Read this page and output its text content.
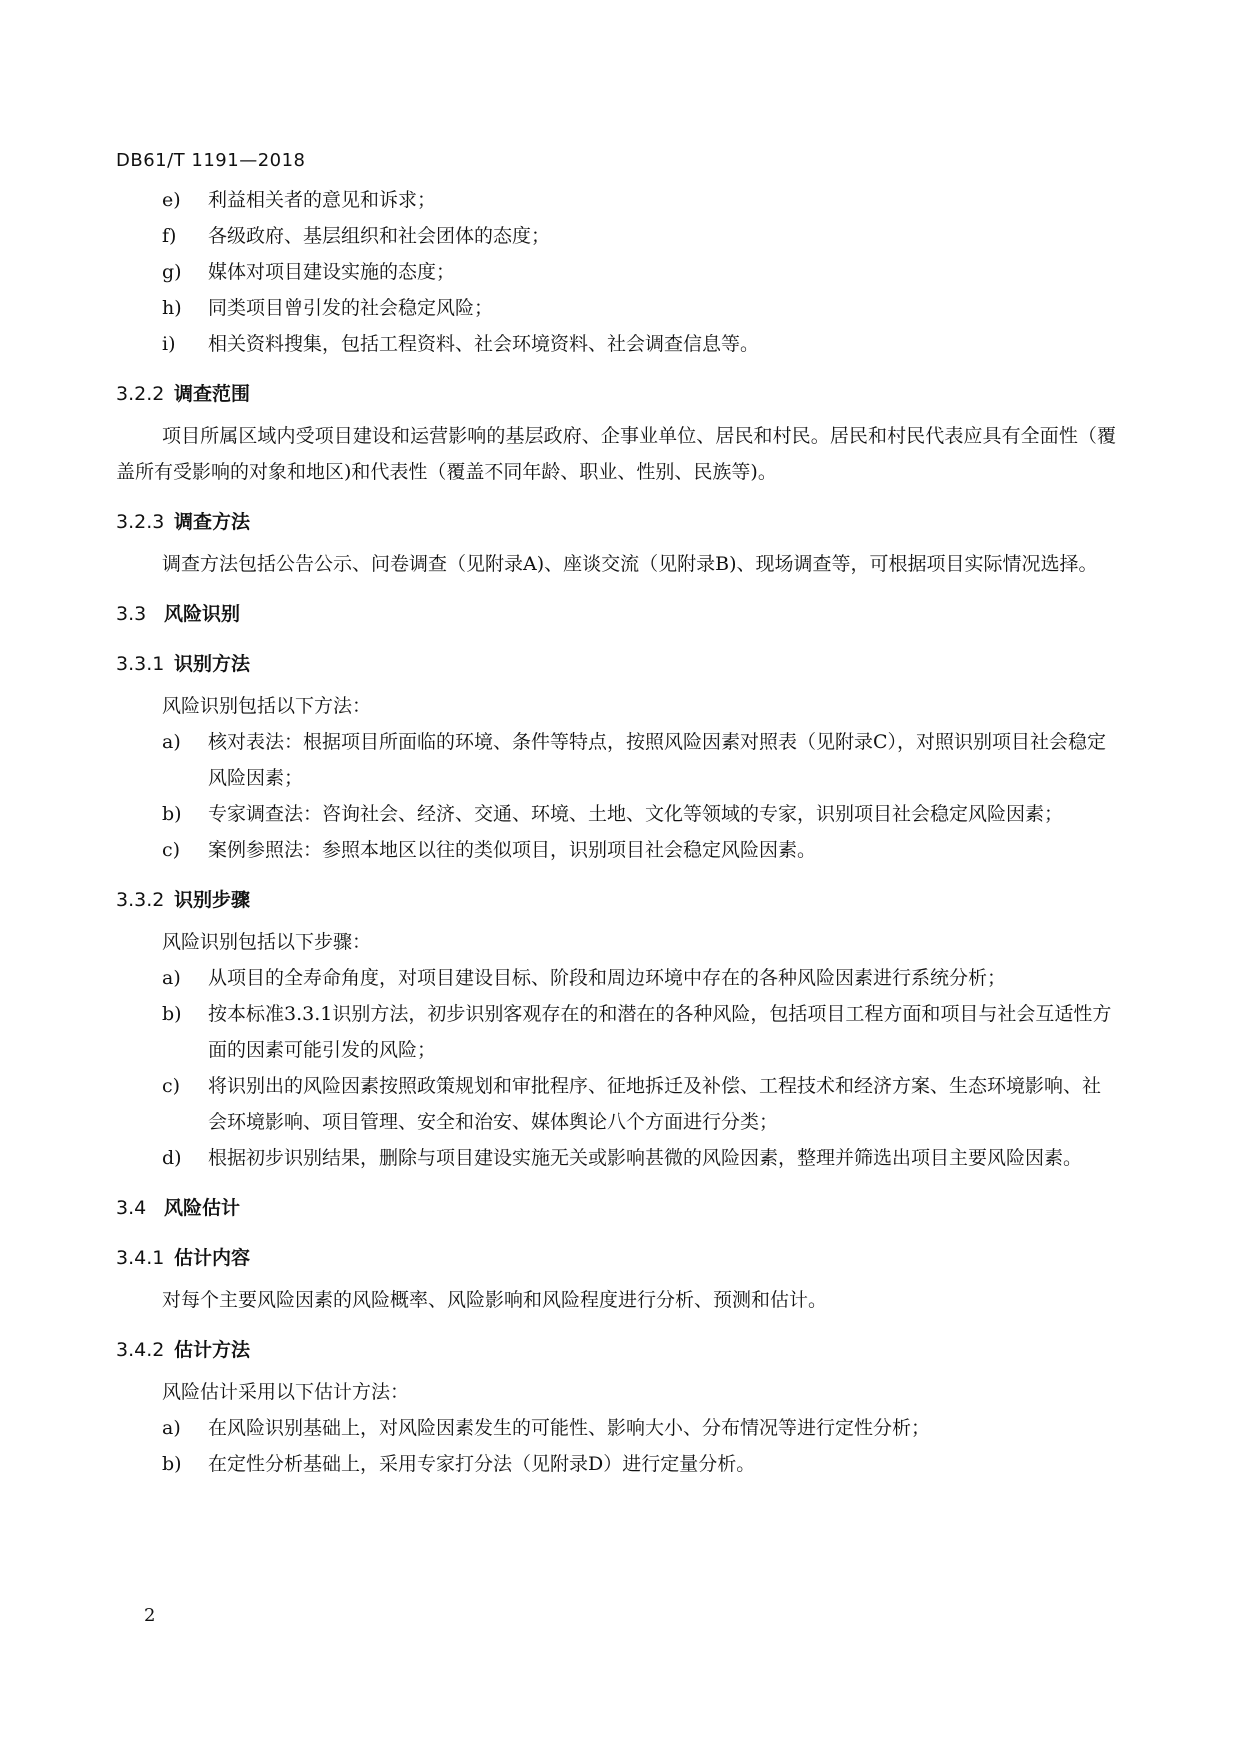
DB61/T 1191—2018
e) 利益相关者的意见和诉求；
f) 各级政府、基层组织和社会团体的态度；
g) 媒体对项目建设实施的态度；
h) 同类项目曾引发的社会稳定风险；
i) 相关资料搜集，包括工程资料、社会环境资料、社会调查信息等。
3.2.2 调查范围
项目所属区域内受项目建设和运营影响的基层政府、企事业单位、居民和村民。居民和村民代表应具有全面性（覆盖所有受影响的对象和地区)和代表性（覆盖不同年龄、职业、性别、民族等)。
3.2.3 调查方法
调查方法包括公告公示、问卷调查（见附录A)、座谈交流（见附录B)、现场调查等，可根据项目实际情况选择。
3.3 风险识别
3.3.1 识别方法
风险识别包括以下方法：
a) 核对表法：根据项目所面临的环境、条件等特点，按照风险因素对照表（见附录C），对照识别项目社会稳定风险因素；
b) 专家调查法：咨询社会、经济、交通、环境、土地、文化等领域的专家，识别项目社会稳定风险因素；
c) 案例参照法：参照本地区以往的类似项目，识别项目社会稳定风险因素。
3.3.2 识别步骤
风险识别包括以下步骤：
a) 从项目的全寿命角度，对项目建设目标、阶段和周边环境中存在的各种风险因素进行系统分析；
b) 按本标准3.3.1识别方法，初步识别客观存在的和潜在的各种风险，包括项目工程方面和项目与社会互适性方面的因素可能引发的风险；
c) 将识别出的风险因素按照政策规划和审批程序、征地拆迁及补偿、工程技术和经济方案、生态环境影响、社会环境影响、项目管理、安全和治安、媒体舆论八个方面进行分类；
d) 根据初步识别结果，删除与项目建设实施无关或影响甚微的风险因素，整理并筛选出项目主要风险因素。
3.4 风险估计
3.4.1 估计内容
对每个主要风险因素的风险概率、风险影响和风险程度进行分析、预测和估计。
3.4.2 估计方法
风险估计采用以下估计方法：
a) 在风险识别基础上，对风险因素发生的可能性、影响大小、分布情况等进行定性分析；
b) 在定性分析基础上，采用专家打分法（见附录D）进行定量分析。
2
